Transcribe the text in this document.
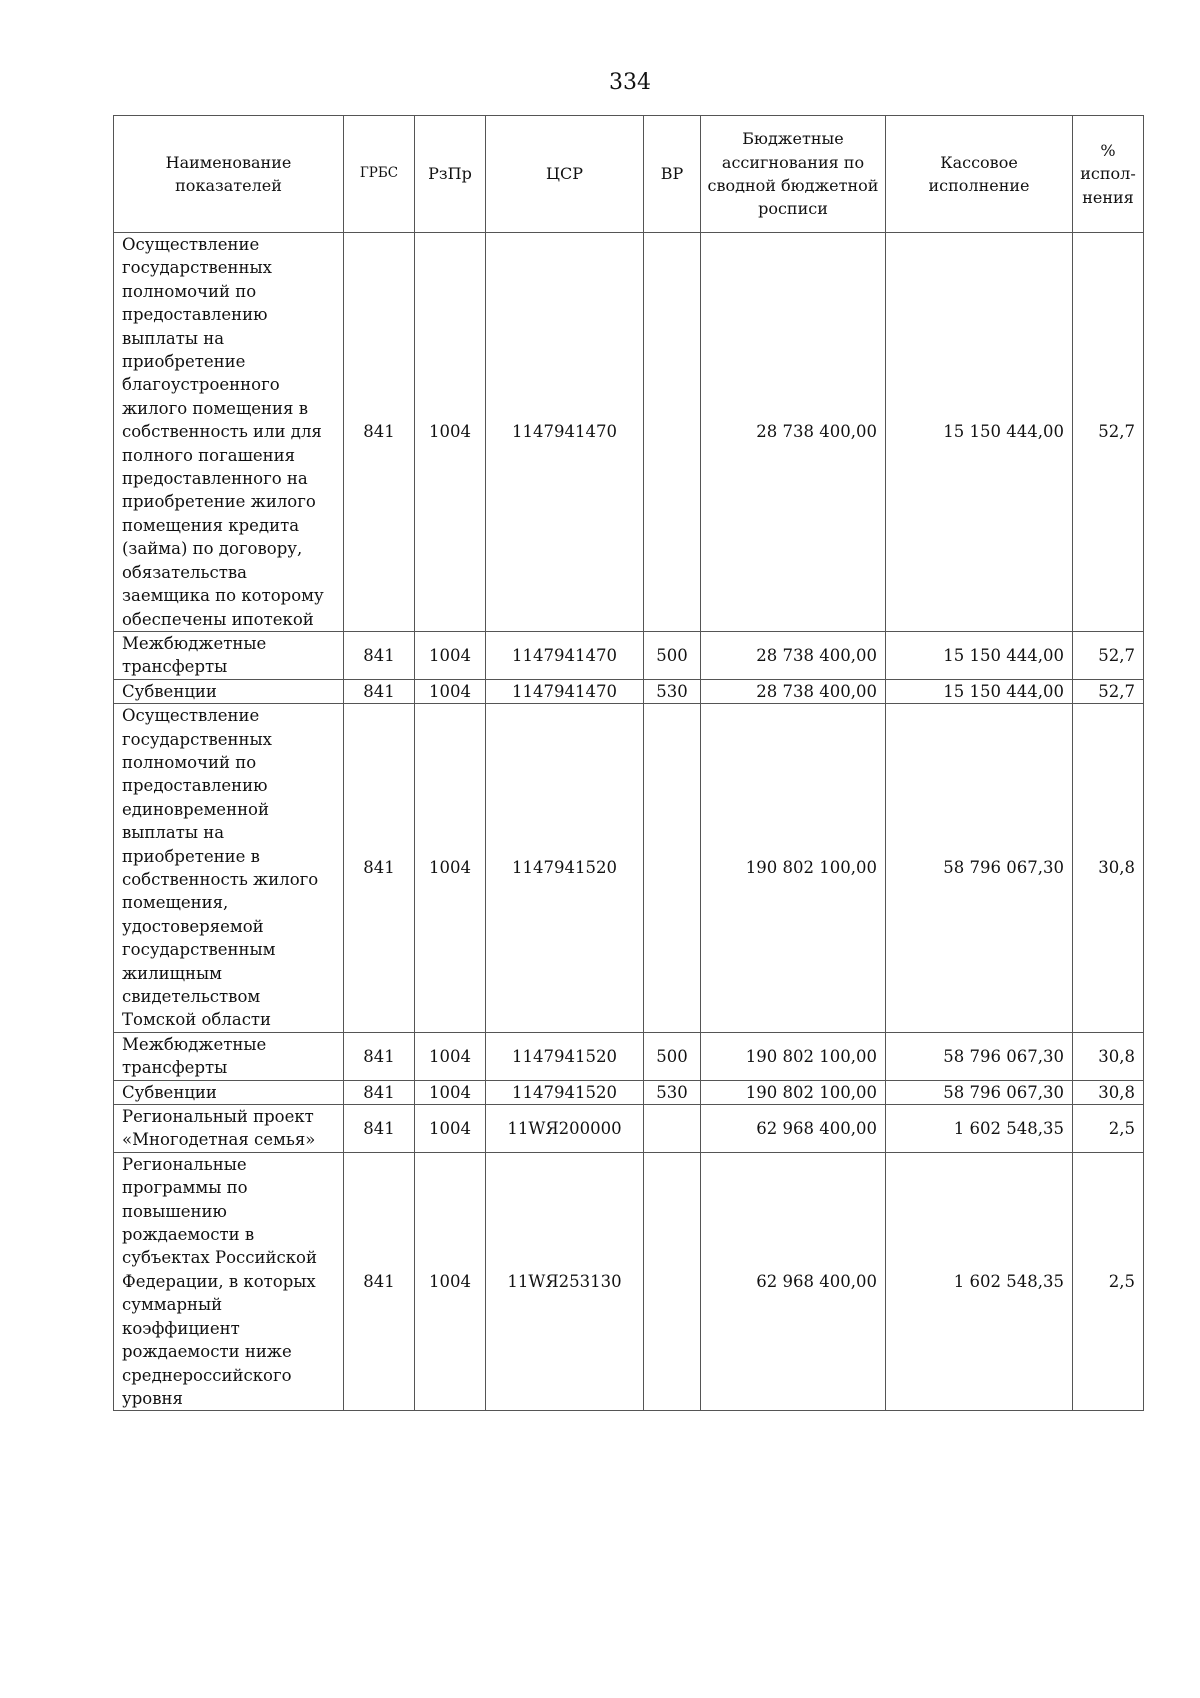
334
Наименование показателей	ГРБС	РзПр	ЦСР	ВР	Бюджетные ассигнования по сводной бюджетной росписи	Кассовое исполнение	% испол-нения
Осуществление государственных полномочий по предоставлению выплаты на приобретение благоустроенного жилого помещения в собственность или для полного погашения предоставленного на приобретение жилого помещения кредита (займа) по договору, обязательства заемщика по которому обеспечены ипотекой	841	1004	1147941470		28 738 400,00	15 150 444,00	52,7
Межбюджетные трансферты	841	1004	1147941470	500	28 738 400,00	15 150 444,00	52,7
Субвенции	841	1004	1147941470	530	28 738 400,00	15 150 444,00	52,7
Осуществление государственных полномочий по предоставлению единовременной выплаты на приобретение в собственность жилого помещения, удостоверяемой государственным жилищным свидетельством Томской области	841	1004	1147941520		190 802 100,00	58 796 067,30	30,8
Межбюджетные трансферты	841	1004	1147941520	500	190 802 100,00	58 796 067,30	30,8
Субвенции	841	1004	1147941520	530	190 802 100,00	58 796 067,30	30,8
Региональный проект «Многодетная семья»	841	1004	11WЯ200000		62 968 400,00	1 602 548,35	2,5
Региональные программы по повышению рождаемости в субъектах Российской Федерации, в которых суммарный коэффициент рождаемости ниже среднероссийского уровня	841	1004	11WЯ253130		62 968 400,00	1 602 548,35	2,5
